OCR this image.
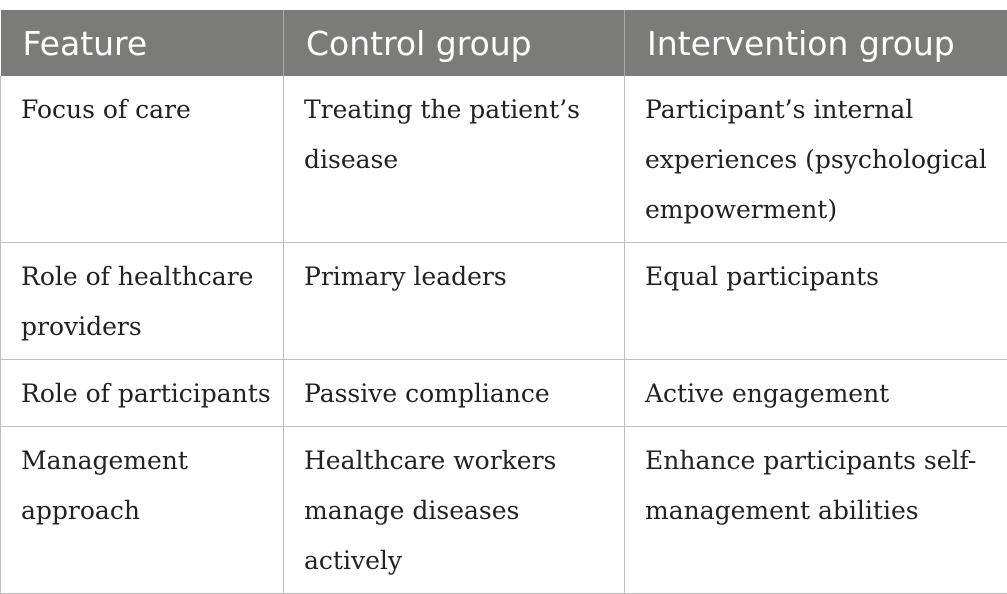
Feature	Control group	Intervention group
Focus of care	Treating the patient’s disease	Participant’s internal experiences (psychological empowerment)
Role of healthcare providers	Primary leaders	Equal participants
Role of participants	Passive compliance	Active engagement
Management approach	Healthcare workers manage diseases actively	Enhance participants self-management abilities
